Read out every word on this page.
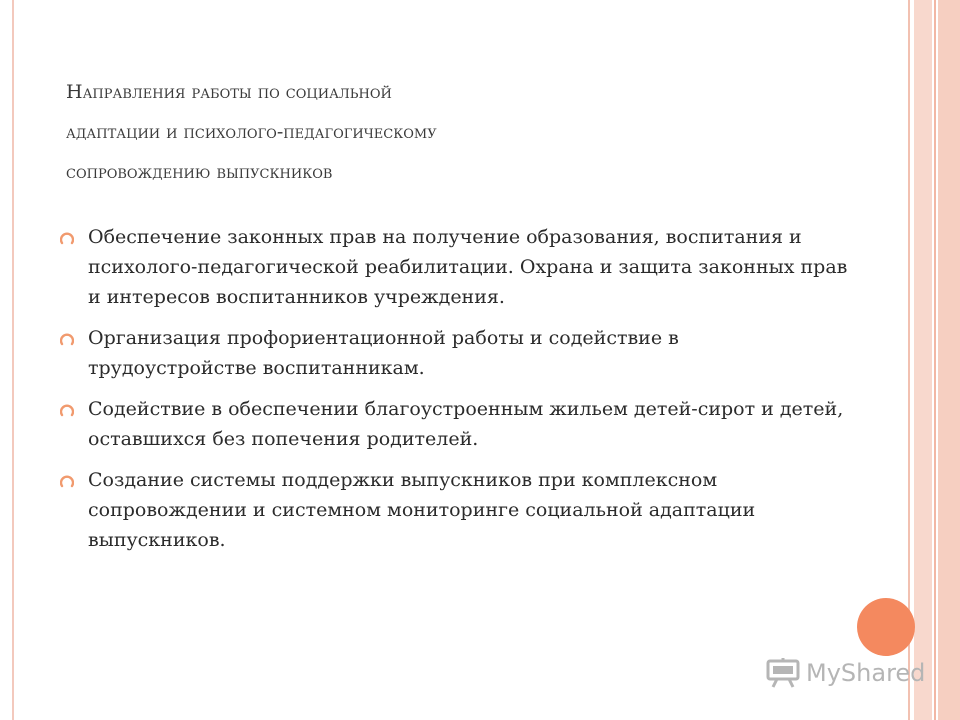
Направления работы по социальной
адаптации и психолого-педагогическому
сопровождению выпускников
Обеспечение законных прав на получение образования, воспитания и психолого-педагогической реабилитации. Охрана и защита законных прав и интересов воспитанников учреждения.
Организация профориентационной работы и содействие в трудоустройстве воспитанникам.
Содействие в обеспечении благоустроенным жильем детей-сирот и детей, оставшихся без попечения родителей.
Создание системы поддержки выпускников при комплексном сопровождении и системном мониторинге социальной адаптации выпускников.
MyShared
